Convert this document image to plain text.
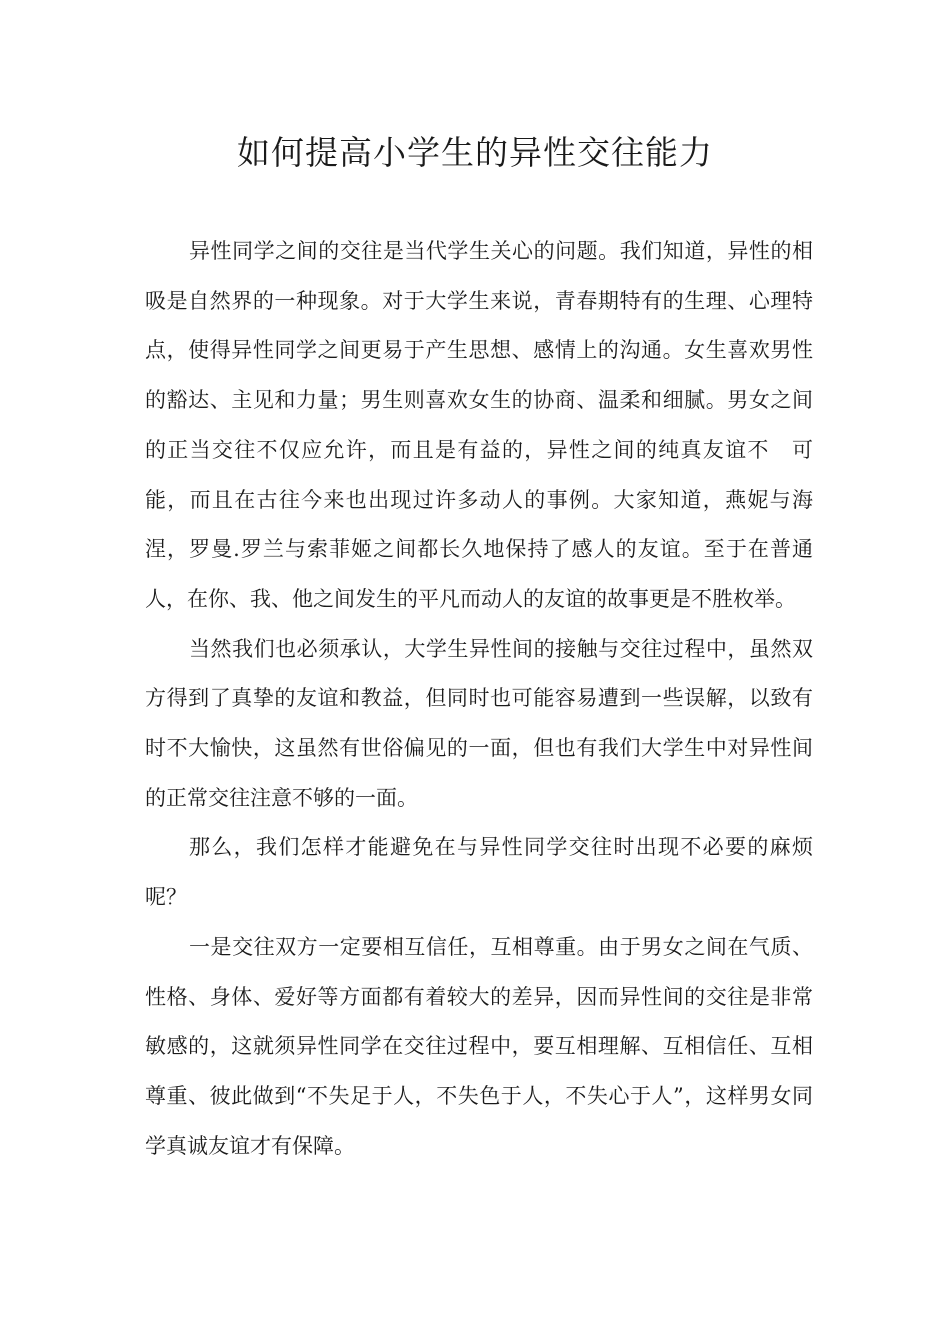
如何提高小学生的异性交往能力

异性同学之间的交往是当代学生关心的问题。我们知道，异性的相吸是自然界的一种现象。对于大学生来说，青春期特有的生理、心理特点，使得异性同学之间更易于产生思想、感情上的沟通。女生喜欢男性的豁达、主见和力量；男生则喜欢女生的协商、温柔和细腻。男女之间的正当交往不仅应允许，而且是有益的，异性之间的纯真友谊不　可能，而且在古往今来也出现过许多动人的事例。大家知道，燕妮与海涅，罗曼.罗兰与索菲姬之间都长久地保持了感人的友谊。至于在普通人，在你、我、他之间发生的平凡而动人的友谊的故事更是不胜枚举。

当然我们也必须承认，大学生异性间的接触与交往过程中，虽然双方得到了真挚的友谊和教益，但同时也可能容易遭到一些误解，以致有时不大愉快，这虽然有世俗偏见的一面，但也有我们大学生中对异性间的正常交往注意不够的一面。

那么，我们怎样才能避免在与异性同学交往时出现不必要的麻烦呢？

一是交往双方一定要相互信任，互相尊重。由于男女之间在气质、性格、身体、爱好等方面都有着较大的差异，因而异性间的交往是非常敏感的，这就须异性同学在交往过程中，要互相理解、互相信任、互相尊重、彼此做到“不失足于人，不失色于人，不失心于人”，这样男女同学真诚友谊才有保障。
